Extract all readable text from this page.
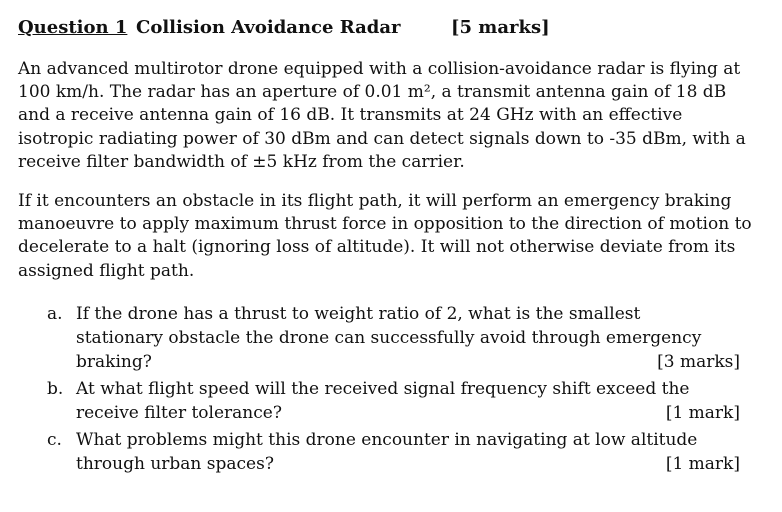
Question 1 Collision Avoidance Radar	[5 marks]
An advanced multirotor drone equipped with a collision-avoidance radar is flying at 100 km/h. The radar has an aperture of 0.01 m², a transmit antenna gain of 18 dB and a receive antenna gain of 16 dB. It transmits at 24 GHz with an effective isotropic radiating power of 30 dBm and can detect signals down to -35 dBm, with a receive filter bandwidth of ±5 kHz from the carrier.
If it encounters an obstacle in its flight path, it will perform an emergency braking manoeuvre to apply maximum thrust force in opposition to the direction of motion to decelerate to a halt (ignoring loss of altitude). It will not otherwise deviate from its assigned flight path.
a. If the drone has a thrust to weight ratio of 2, what is the smallest stationary obstacle the drone can successfully avoid through emergency braking?	[3 marks]
b. At what flight speed will the received signal frequency shift exceed the receive filter tolerance?	[1 mark]
c. What problems might this drone encounter in navigating at low altitude through urban spaces?	[1 mark]
